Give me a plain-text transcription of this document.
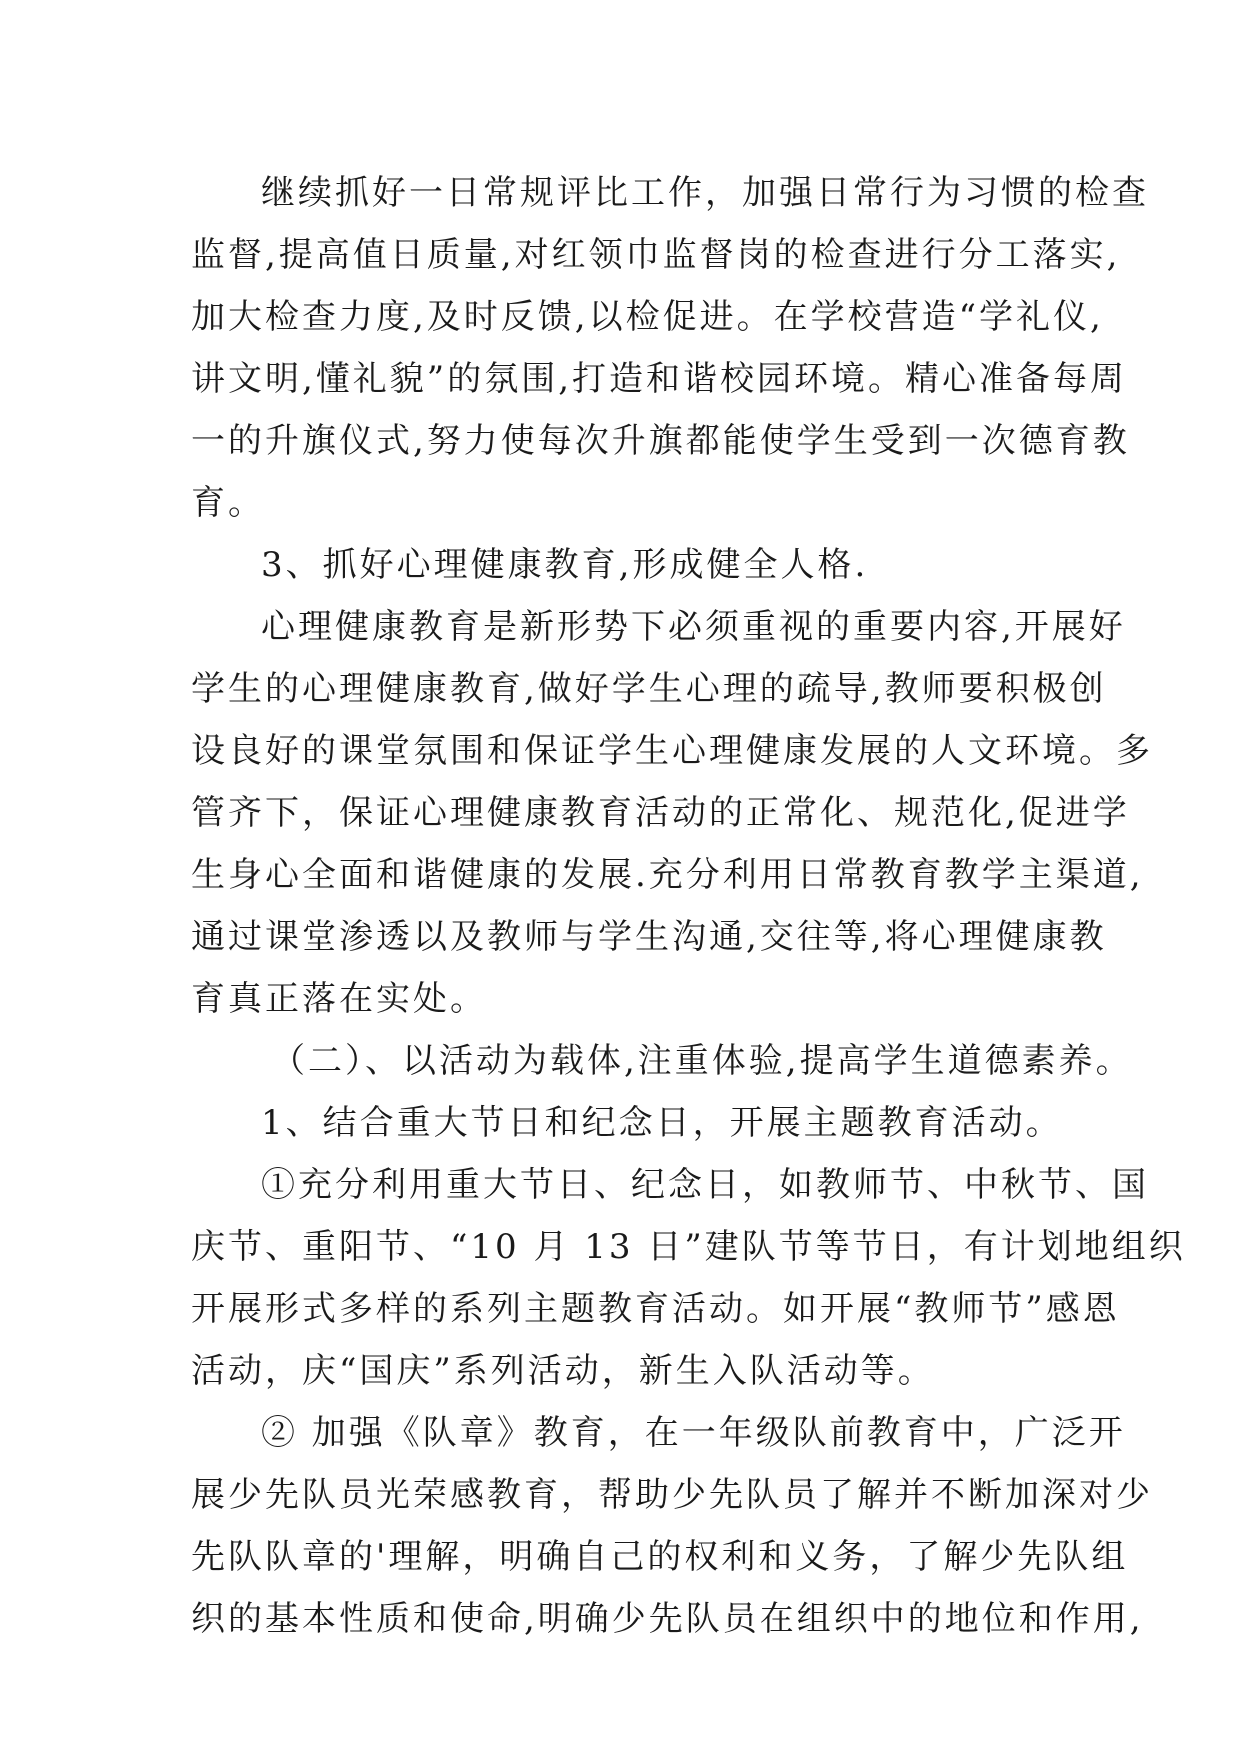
继续抓好一日常规评比工作，加强日常行为习惯的检查
监督,提高值日质量,对红领巾监督岗的检查进行分工落实,
加大检查力度,及时反馈,以检促进。在学校营造“学礼仪,
讲文明,懂礼貌”的氛围,打造和谐校园环境。精心准备每周
一的升旗仪式,努力使每次升旗都能使学生受到一次德育教
育。
3、抓好心理健康教育,形成健全人格.
心理健康教育是新形势下必须重视的重要内容,开展好
学生的心理健康教育,做好学生心理的疏导,教师要积极创
设良好的课堂氛围和保证学生心理健康发展的人文环境。多
管齐下，保证心理健康教育活动的正常化、规范化,促进学
生身心全面和谐健康的发展.充分利用日常教育教学主渠道,
通过课堂渗透以及教师与学生沟通,交往等,将心理健康教
育真正落在实处。
（二）、以活动为载体,注重体验,提高学生道德素养。
1、结合重大节日和纪念日，开展主题教育活动。
①充分利用重大节日、纪念日，如教师节、中秋节、国
庆节、重阳节、“10 月 13 日”建队节等节日，有计划地组织
开展形式多样的系列主题教育活动。如开展“教师节”感恩
活动，庆“国庆”系列活动，新生入队活动等。
② 加强《队章》教育，在一年级队前教育中，广泛开
展少先队员光荣感教育，帮助少先队员了解并不断加深对少
先队队章的'理解，明确自己的权利和义务，了解少先队组
织的基本性质和使命,明确少先队员在组织中的地位和作用,
